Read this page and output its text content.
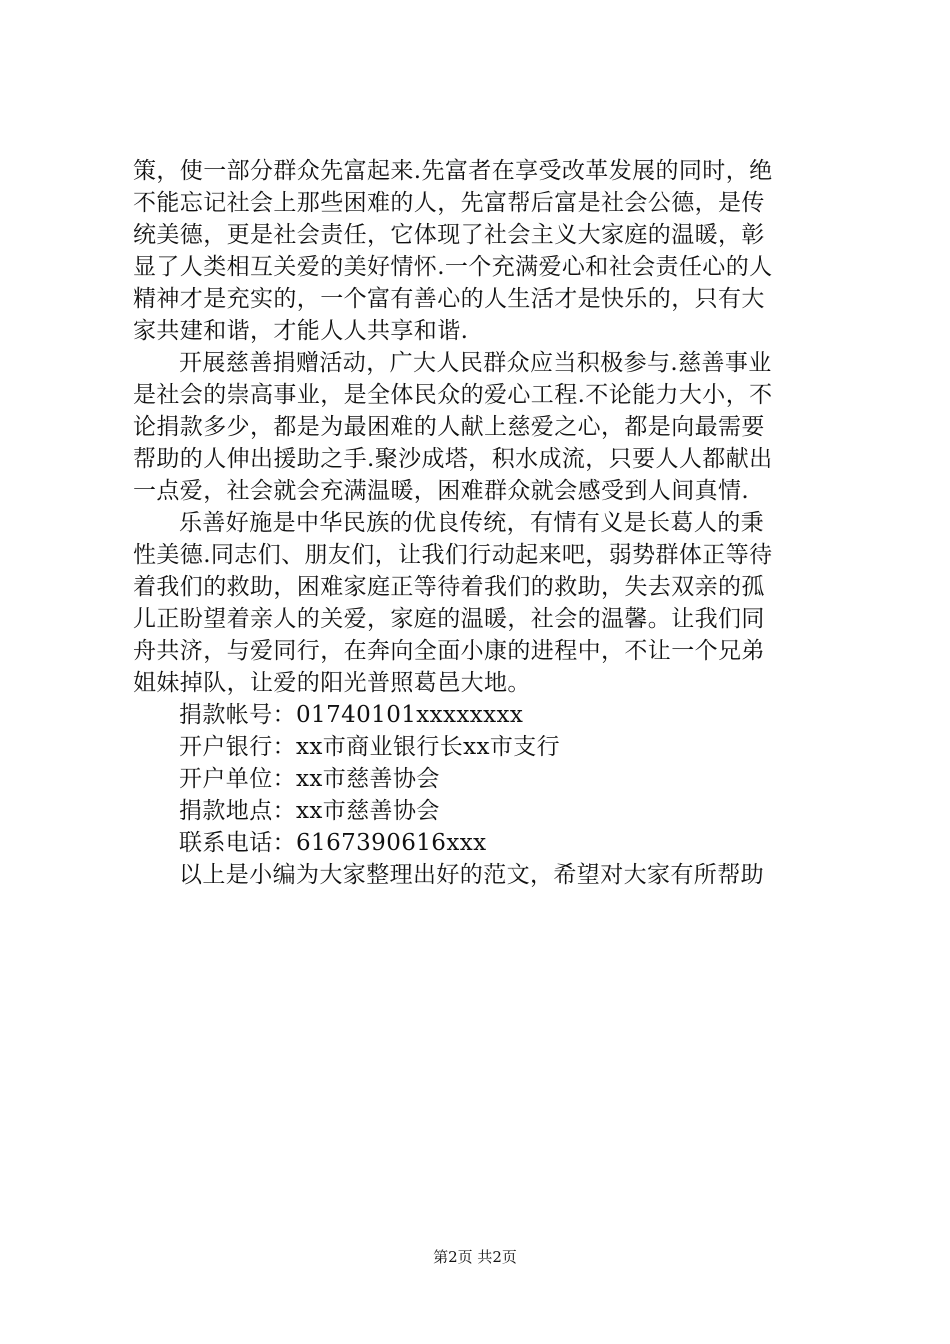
策，使一部分群众先富起来.先富者在享受改革发展的同时，绝
不能忘记社会上那些困难的人，先富帮后富是社会公德，是传
统美德，更是社会责任，它体现了社会主义大家庭的温暖，彰
显了人类相互关爱的美好情怀.一个充满爱心和社会责任心的人
精神才是充实的，一个富有善心的人生活才是快乐的，只有大
家共建和谐，才能人人共享和谐.
开展慈善捐赠活动，广大人民群众应当积极参与.慈善事业
是社会的崇高事业，是全体民众的爱心工程.不论能力大小，不
论捐款多少，都是为最困难的人献上慈爱之心，都是向最需要
帮助的人伸出援助之手.聚沙成塔，积水成流，只要人人都献出
一点爱，社会就会充满温暖，困难群众就会感受到人间真情.
乐善好施是中华民族的优良传统，有情有义是长葛人的秉
性美德.同志们、朋友们，让我们行动起来吧，弱势群体正等待
着我们的救助，困难家庭正等待着我们的救助，失去双亲的孤
儿正盼望着亲人的关爱，家庭的温暖，社会的温馨。让我们同
舟共济，与爱同行，在奔向全面小康的进程中，不让一个兄弟
姐妹掉队，让爱的阳光普照葛邑大地。
捐款帐号：01740101xxxxxxxx
开户银行：xx市商业银行长xx市支行
开户单位：xx市慈善协会
捐款地点：xx市慈善协会
联系电话：6167390616xxx
以上是小编为大家整理出好的范文，希望对大家有所帮助
第2页 共2页
